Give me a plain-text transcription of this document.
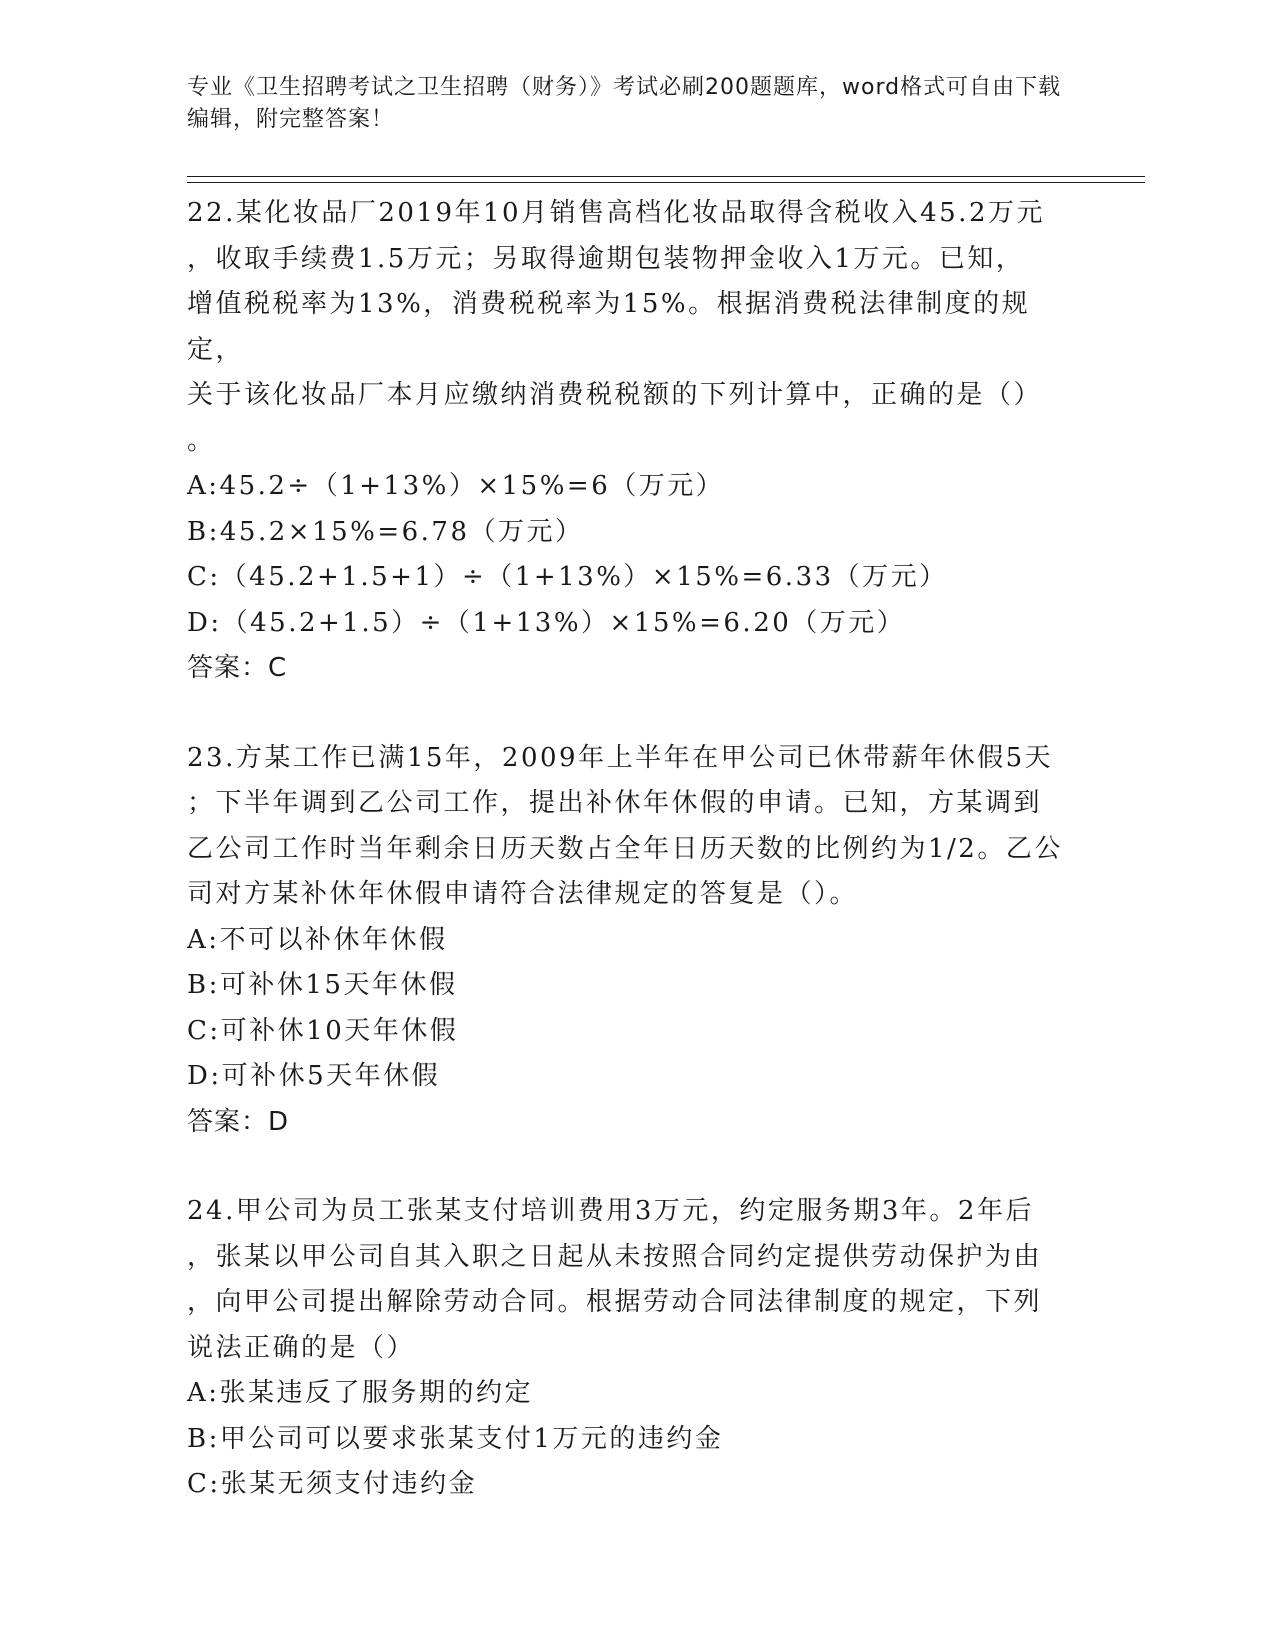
专业《卫生招聘考试之卫生招聘（财务）》考试必刷200题题库，word格式可自由下载编辑，附完整答案！

22.某化妆品厂2019年10月销售高档化妆品取得含税收入45.2万元
，收取手续费1.5万元；另取得逾期包装物押金收入1万元。已知，
增值税税率为13%，消费税税率为15%。根据消费税法律制度的规定，
关于该化妆品厂本月应缴纳消费税税额的下列计算中，正确的是（）
。

A:45.2÷（1+13%）×15%=6（万元）

B:45.2×15%=6.78（万元）

C:（45.2+1.5+1）÷（1+13%）×15%=6.33（万元）

D:（45.2+1.5）÷（1+13%）×15%=6.20（万元）

答案：C

23.方某工作已满15年，2009年上半年在甲公司已休带薪年休假5天
；下半年调到乙公司工作，提出补休年休假的申请。已知，方某调到
乙公司工作时当年剩余日历天数占全年日历天数的比例约为1/2。乙公
司对方某补休年休假申请符合法律规定的答复是（）。

A:不可以补休年休假

B:可补休15天年休假

C:可补休10天年休假

D:可补休5天年休假

答案：D

24.甲公司为员工张某支付培训费用3万元，约定服务期3年。2年后
，张某以甲公司自其入职之日起从未按照合同约定提供劳动保护为由
，向甲公司提出解除劳动合同。根据劳动合同法律制度的规定，下列
说法正确的是（）

A:张某违反了服务期的约定

B:甲公司可以要求张某支付1万元的违约金

C:张某无须支付违约金
